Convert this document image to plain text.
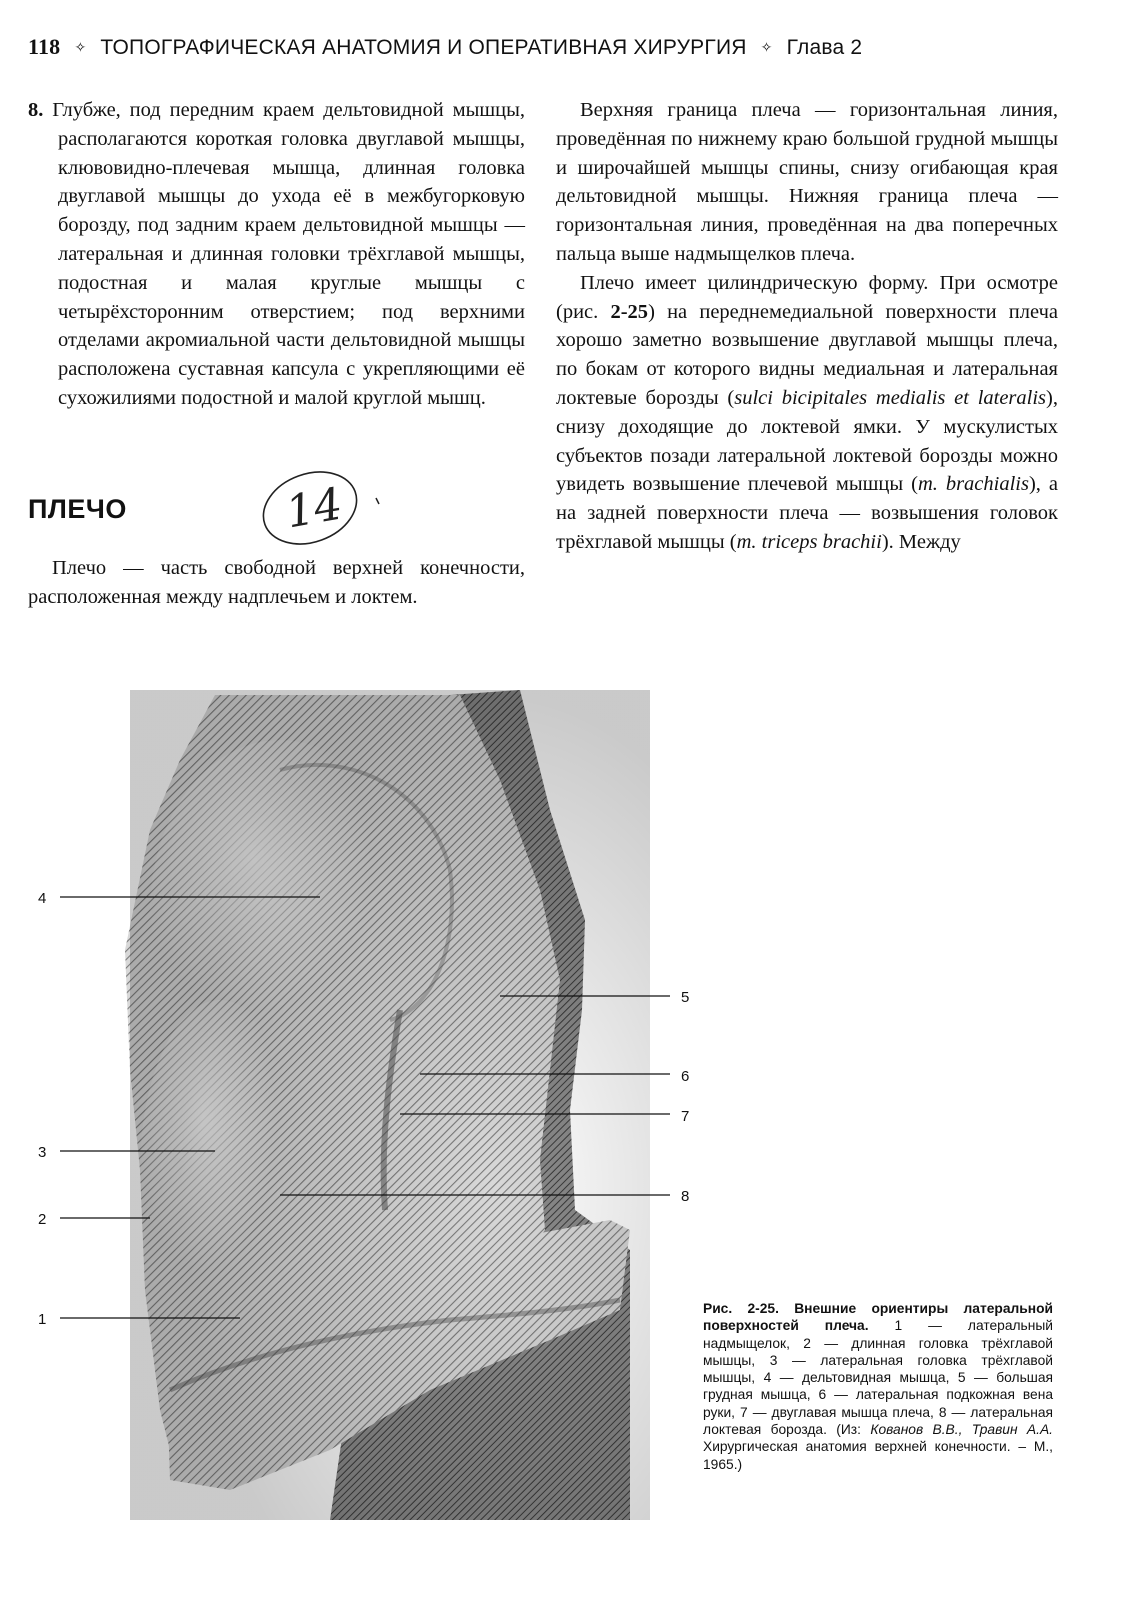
118 ✧ ТОПОГРАФИЧЕСКАЯ АНАТОМИЯ И ОПЕРАТИВНАЯ ХИРУРГИЯ ✧ Глава 2

8. Глубже, под передним краем дельтовидной мышцы, располагаются короткая головка двуглавой мышцы, клювовидно-плечевая мышца, длинная головка двуглавой мышцы до ухода её в межбугорковую борозду, под задним краем дельтовидной мышцы — латеральная и длинная головки трёхглавой мышцы, подостная и малая круглые мышцы с четырёхсторонним отверстием; под верхними отделами акромиальной части дельтовидной мышцы расположена суставная капсула с укрепляющими её сухожилиями подостной и малой круглой мышц.

ПЛЕЧО	14

Плечо — часть свободной верхней конечности, расположенная между надплечьем и локтем.

Верхняя граница плеча — горизонтальная линия, проведённая по нижнему краю большой грудной мышцы и широчайшей мышцы спины, снизу огибающая края дельтовидной мышцы. Нижняя граница плеча — горизонтальная линия, проведённая на два поперечных пальца выше надмыщелков плеча.

Плечо имеет цилиндрическую форму. При осмотре (рис. 2-25) на переднемедиальной поверхности плеча хорошо заметно возвышение двуглавой мышцы плеча, по бокам от которого видны медиальная и латеральная локтевые борозды (sulci bicipitales medialis et lateralis), снизу доходящие до локтевой ямки. У мускулистых субъектов позади латеральной локтевой борозды можно увидеть возвышение плечевой мышцы (m. brachialis), а на задней поверхности плеча — возвышения головок трёхглавой мышцы (m. triceps brachii). Между

4
5
6
7
3
8
2
1
Рис. 2-25. Внешние ориентиры латеральной поверхностей плеча. 1 — латеральный надмыщелок, 2 — длинная головка трёхглавой мышцы, 3 — латеральная головка трёхглавой мышцы, 4 — дельтовидная мышца, 5 — большая грудная мышца, 6 — латеральная подкожная вена руки, 7 — двуглавая мышца плеча, 8 — латеральная локтевая борозда. (Из: Кованов В.В., Травин А.А. Хирургическая анатомия верхней конечности. – М., 1965.)
